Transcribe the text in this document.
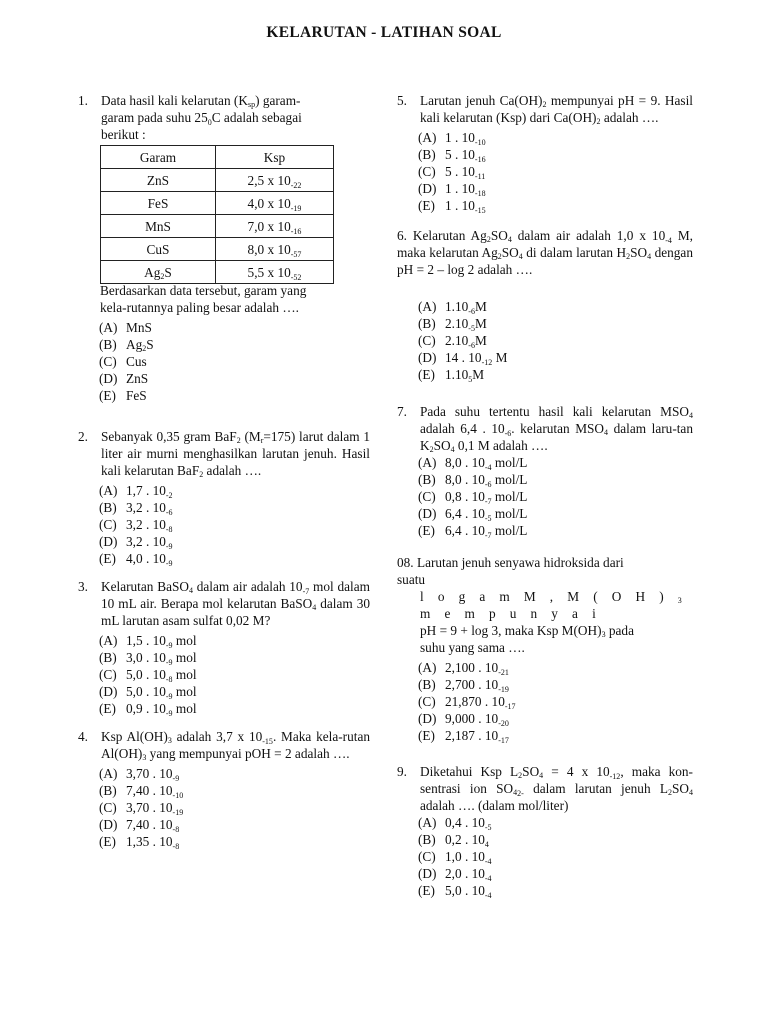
KELARUTAN - LATIHAN SOAL
1. Data hasil kali kelarutan $(K_{sp})$ garam-
garam pada suhu $25^0C$ adalah sebagai
berikut :
Garam	Ksp
ZnS	2,5 x $10^{-22}$
FeS	4,0 x $10^{-19}$
MnS	7,0 x $10^{-16}$
CuS	8,0 x $10^{-57}$
$Ag_2S$	5,5 x $10^{-52}$
Berdasarkan data tersebut, garam yang
kela-rutannya paling besar adalah ….
(A) MnS
(B) $Ag_2S$
(C) Cus
(D) ZnS
(E) FeS
2. Sebanyak 0,35 gram BaF$_2$ $(M_r=175)$ larut dalam 1 liter air murni menghasilkan larutan jenuh. Hasil kali kelarutan BaF$_2$ adalah ….
(A) 1,7 . $10^{-2}$
(B) 3,2 . $10^{-6}$
(C) 3,2 . $10^{-8}$
(D) 3,2 . $10^{-9}$
(E) 4,0 . $10^{-9}$
3. Kelarutan BaSO$_4$ dalam air adalah $10^{-7}$ mol dalam 10 mL air. Berapa mol kelarutan BaSO$_4$ dalam 30 mL larutan asam sulfat 0,02 M?
(A) 1,5 . $10^{-9}$ mol
(B) 3,0 . $10^{-9}$ mol
(C) 5,0 . $10^{-8}$ mol
(D) 5,0 . $10^{-9}$ mol
(E) 0,9 . $10^{-9}$ mol
4. Ksp $Al(OH)_3$ adalah 3,7 x $10^{-15}$. Maka kela-rutan $Al(OH)_3$ yang mempunyai pOH = 2 adalah ….
(A) 3,70 . $10^{-9}$
(B) 7,40 . $10^{-10}$
(C) 3,70 . $10^{-19}$
(D) 7,40 . $10^{-8}$
(E) 1,35 . $10^{-8}$
5. Larutan jenuh $Ca(OH)_2$ mempunyai pH = 9. Hasil kali kelarutan (Ksp) dari $Ca(OH)_2$ adalah ….
(A) 1 . $10^{-10}$
(B) 5 . $10^{-16}$
(C) 5 . $10^{-11}$
(D) 1 . $10^{-18}$
(E) 1 . $10^{-15}$
6. Kelarutan $Ag_2SO_4$ dalam air adalah 1,0 x $10^{-4}$ M, maka kelarutan $Ag_2SO_4$ di dalam larutan $H_2SO_4$ dengan pH = 2 – log 2 adalah ….
(A) $1.10^{-6}M$
(B) $2.10^{-5}M$
(C) $2.10^{-6}M$
(D) 14 . $10^{-12}$ M
(E) 1.10$^5$M
7. Pada suhu tertentu hasil kali kelarutan $MSO_4$ adalah 6,4 . $10^{-6}$. kelarutan $MSO_4$ dalam laru-tan $K_2SO_4$ 0,1 M adalah ….
(A) 8,0 . $10^{-4}$ mol/L
(B) 8,0 . $10^{-6}$ mol/L
(C) 0,8 . $10^{-7}$ mol/L
(D) 6,4 . $10^{-5}$ mol/L
(E) 6,4 . $10^{-7}$ mol/L
08. Larutan jenuh senyawa hidroksida dari
suatu
l o g a m M , M ( O H ) $_3$ m e m p u n y a i
pH = 9 + log 3, maka Ksp $M(OH)_3$ pada
suhu yang sama ….
(A) 2,100 . $10^{-21}$
(B) 2,700 . $10^{-19}$
(C) 21,870 . $10^{-17}$
(D) 9,000 . $10^{-20}$
(E) 2,187 . $10^{-17}$
9. Diketahui Ksp $L_2SO_4 = 4$ x $10^{-12}$, maka kon-sentrasi ion $SO_4^{2-}$ dalam larutan jenuh $L_2SO_4$ adalah …. (dalam mol/liter)
(A) 0,4 . $10^{-5}$
(B) 0,2 . $10^4$
(C) 1,0 . $10^{-4}$
(D) 2,0 . $10^{-4}$
(E) 5,0 . $10^{-4}$
